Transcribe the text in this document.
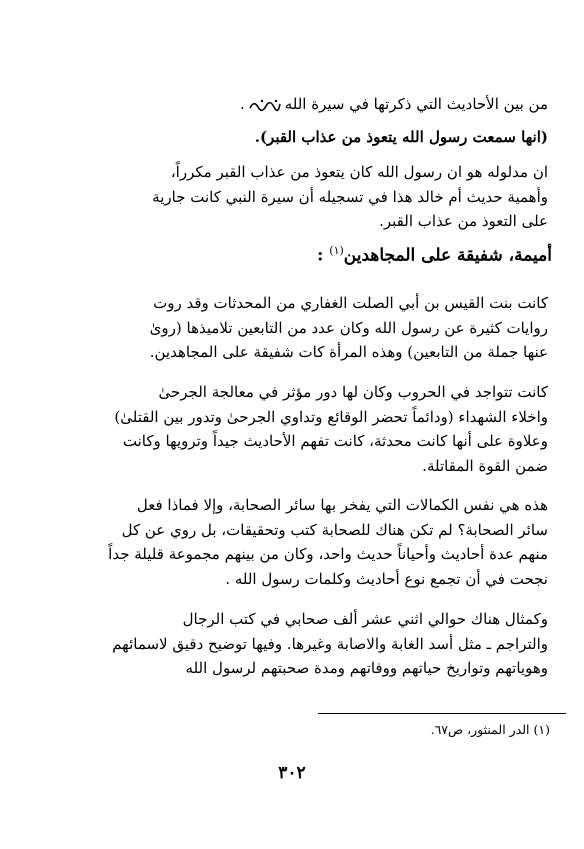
من بين الأحاديث التي ذكرتها في سيرة الله.
(انها سمعت رسول الله يتعوذ من عذاب القبر).
ان مدلوله هو ان رسول الله كان يتعوذ من عذاب القبر مكرراً،
وأهمية حديث أم خالد هذا في تسجيله أن سيرة النبي كانت جارية
على التعوذ من عذاب القبر.
أميمة، شفيقة على المجاهدين$^{(١)}$ :
كانت بنت القيس بن أبي الصلت الغفاري من المحدثات وقد روت
روايات كثيرة عن رسول الله وكان عدد من التابعين تلاميذها (روىٰ
عنها جملة من التابعين) وهذه المرأة كات شفيقة على المجاهدين.
كانت تتواجد في الحروب وكان لها دور مؤثر في معالجة الجرحىٰ
واخلاء الشهداء (ودائماً تحضر الوقائع وتداوي الجرحىٰ وتدور بين القتلىٰ)
وعلاوة على أنها كانت محدثة، كانت تفهم الأحاديث جيداً وترويها وكانت
ضمن القوة المقاتلة.
هذه هي نفس الكمالات التي يفخر بها سائر الصحابة، وإلا فماذا فعل
سائر الصحابة؟ لم تكن هناك للصحابة كتب وتحقيقات، بل روي عن كل
منهم عدة أحاديث وأحياناً حديث واحد، وكان من بينهم مجموعة قليلة جداً
نجحت في أن تجمع نوع أحاديث وكلمات رسول الله .
وكمثال هناك حوالي اثني عشر ألف صحابي في كتب الرجال
والتراجم ـ مثل أسد الغابة والاصابة وغيرها. وفيها توضيح دقيق لاسمائهم
وهوياتهم وتواريخ حياتهم ووفاتهم ومدة صحبتهم لرسول الله
(١) الدر المنثور، ص٦٧.
٣٠٢
